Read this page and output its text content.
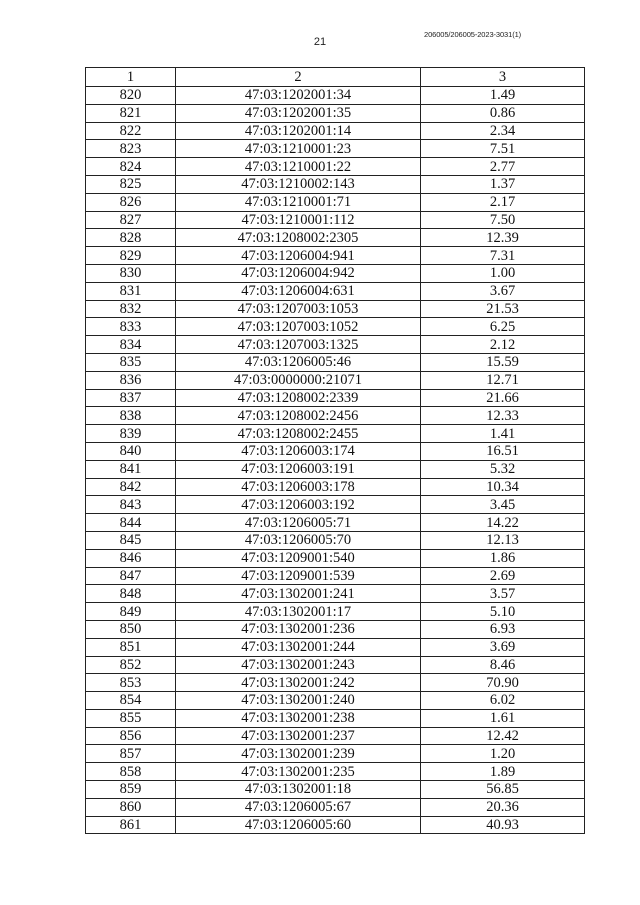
206005/206005-2023-3031(1)
21
1	2	3
820	47:03:1202001:34	1.49
821	47:03:1202001:35	0.86
822	47:03:1202001:14	2.34
823	47:03:1210001:23	7.51
824	47:03:1210001:22	2.77
825	47:03:1210002:143	1.37
826	47:03:1210001:71	2.17
827	47:03:1210001:112	7.50
828	47:03:1208002:2305	12.39
829	47:03:1206004:941	7.31
830	47:03:1206004:942	1.00
831	47:03:1206004:631	3.67
832	47:03:1207003:1053	21.53
833	47:03:1207003:1052	6.25
834	47:03:1207003:1325	2.12
835	47:03:1206005:46	15.59
836	47:03:0000000:21071	12.71
837	47:03:1208002:2339	21.66
838	47:03:1208002:2456	12.33
839	47:03:1208002:2455	1.41
840	47:03:1206003:174	16.51
841	47:03:1206003:191	5.32
842	47:03:1206003:178	10.34
843	47:03:1206003:192	3.45
844	47:03:1206005:71	14.22
845	47:03:1206005:70	12.13
846	47:03:1209001:540	1.86
847	47:03:1209001:539	2.69
848	47:03:1302001:241	3.57
849	47:03:1302001:17	5.10
850	47:03:1302001:236	6.93
851	47:03:1302001:244	3.69
852	47:03:1302001:243	8.46
853	47:03:1302001:242	70.90
854	47:03:1302001:240	6.02
855	47:03:1302001:238	1.61
856	47:03:1302001:237	12.42
857	47:03:1302001:239	1.20
858	47:03:1302001:235	1.89
859	47:03:1302001:18	56.85
860	47:03:1206005:67	20.36
861	47:03:1206005:60	40.93
